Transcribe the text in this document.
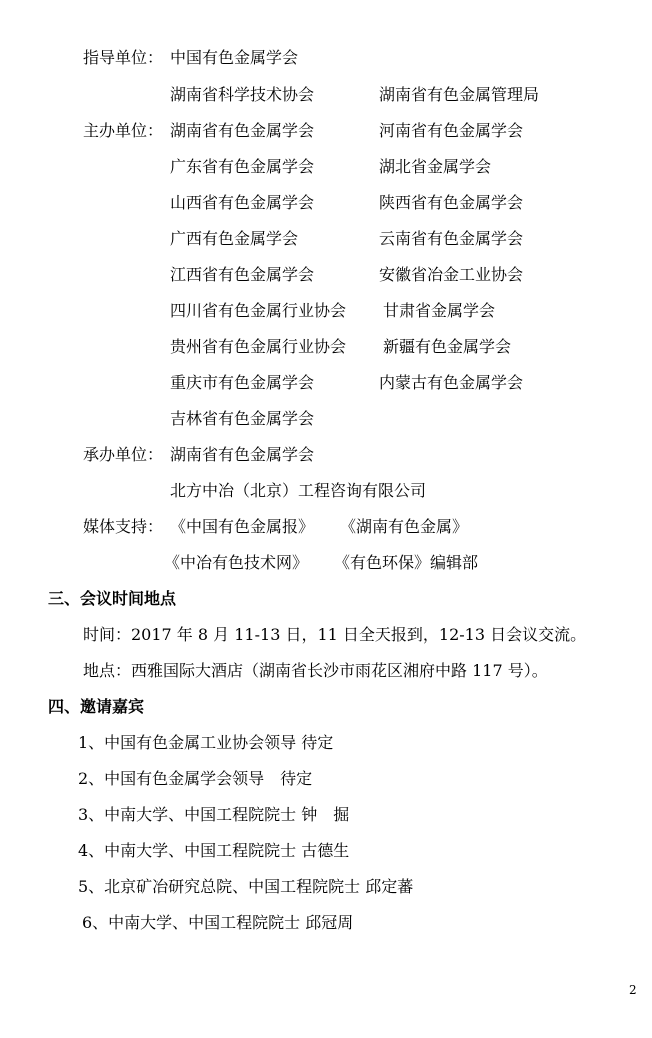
指导单位： 中国有色金属学会
湖南省科学技术协会	湖南省有色金属管理局
主办单位： 湖南省有色金属学会	河南省有色金属学会
广东省有色金属学会	湖北省金属学会
山西省有色金属学会	陕西省有色金属学会
广西有色金属学会	云南省有色金属学会
江西省有色金属学会	安徽省冶金工业协会
四川省有色金属行业协会 甘肃省金属学会
贵州省有色金属行业协会 新疆有色金属学会
重庆市有色金属学会	内蒙古有色金属学会
吉林省有色金属学会
承办单位： 湖南省有色金属学会
北方中冶（北京）工程咨询有限公司
媒体支持： 《中国有色金属报》 《湖南有色金属》
《中冶有色技术网》 《有色环保》编辑部
三、会议时间地点
时间：2017 年 8 月 11-13 日，11 日全天报到，12-13 日会议交流。
地点：西雅国际大酒店（湖南省长沙市雨花区湘府中路 117 号）。
四、邀请嘉宾
1、中国有色金属工业协会领导 待定
2、中国有色金属学会领导　待定
3、中南大学、中国工程院院士 钟　掘
4、中南大学、中国工程院院士 古德生
5、北京矿冶研究总院、中国工程院院士 邱定蕃
6、中南大学、中国工程院院士 邱冠周
2
